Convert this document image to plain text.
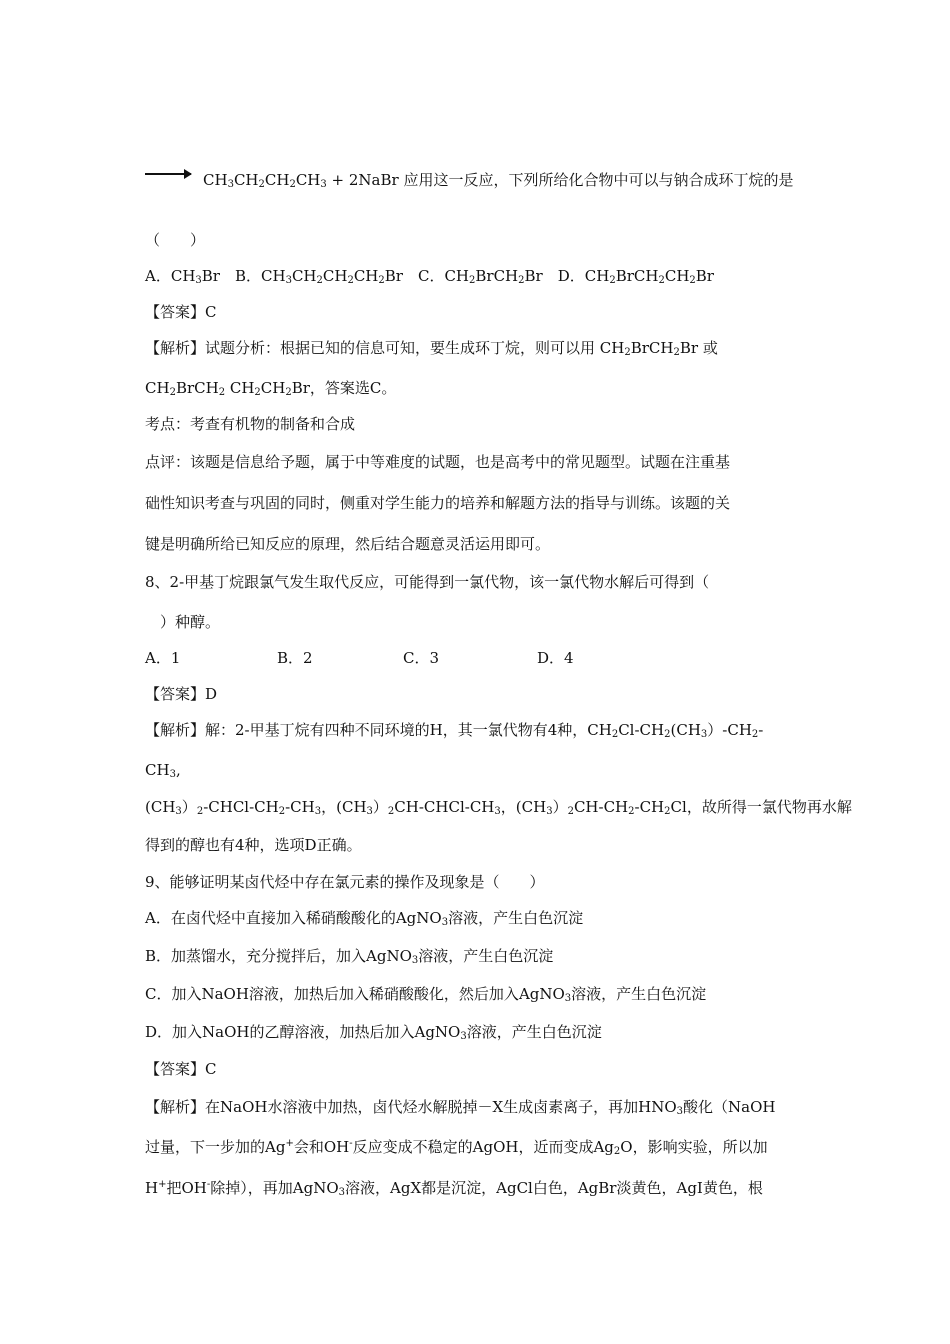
→ $CH_3CH_2CH_2CH_3$ + 2NaBr 应用这一反应，下列所给化合物中可以与钠合成环丁烷的是
（　　）
A．$CH_3Br$　B．$CH_3CH_2CH_2CH_2Br$　C．$CH_2BrCH_2Br$　D．$CH_2BrCH_2CH_2Br$
【答案】C
【解析】试题分析：根据已知的信息可知，要生成环丁烷，则可以用 $CH_2BrCH_2Br$ 或
$CH_2BrCH_2$ $CH_2CH_2Br$，答案选C。
考点：考查有机物的制备和合成
点评：该题是信息给予题，属于中等难度的试题，也是高考中的常见题型。试题在注重基
础性知识考查与巩固的同时，侧重对学生能力的培养和解题方法的指导与训练。该题的关
键是明确所给已知反应的原理，然后结合题意灵活运用即可。
8、2-甲基丁烷跟氯气发生取代反应，可能得到一氯代物，该一氯代物水解后可得到（
　）种醇。
A．1	B．2	C．3	D．4
【答案】D
【解析】解：2-甲基丁烷有四种不同环境的H，其一氯代物有4种，$CH_2Cl-CH_2(CH_3)-CH_2-$
$CH_3$,
$(CH_3)_2-CHCl-CH_2-CH_3$，$(CH_3)_2CH-CHCl-CH_3$，$(CH_3)_2CH-CH_2-CH_2Cl$，故所得一氯代物再水解
得到的醇也有4种，选项D正确。
9、能够证明某卤代烃中存在氯元素的操作及现象是（　　）
A．在卤代烃中直接加入稀硝酸酸化的AgNO$_3$溶液，产生白色沉淀
B．加蒸馏水，充分搅拌后，加入AgNO$_3$溶液，产生白色沉淀
C．加入NaOH溶液，加热后加入稀硝酸酸化，然后加入AgNO$_3$溶液，产生白色沉淀
D．加入NaOH的乙醇溶液，加热后加入AgNO$_3$溶液，产生白色沉淀
【答案】C
【解析】在NaOH水溶液中加热，卤代烃水解脱掉－X生成卤素离子，再加$HNO_3$酸化（NaOH
过量，下一步加的Ag+会和OH-反应变成不稳定的AgOH，近而变成$Ag_2O$，影响实验，所以加
H+把OH-除掉），再加AgNO$_3$溶液，AgX都是沉淀，AgCl白色，AgBr淡黄色，AgI黄色，根
